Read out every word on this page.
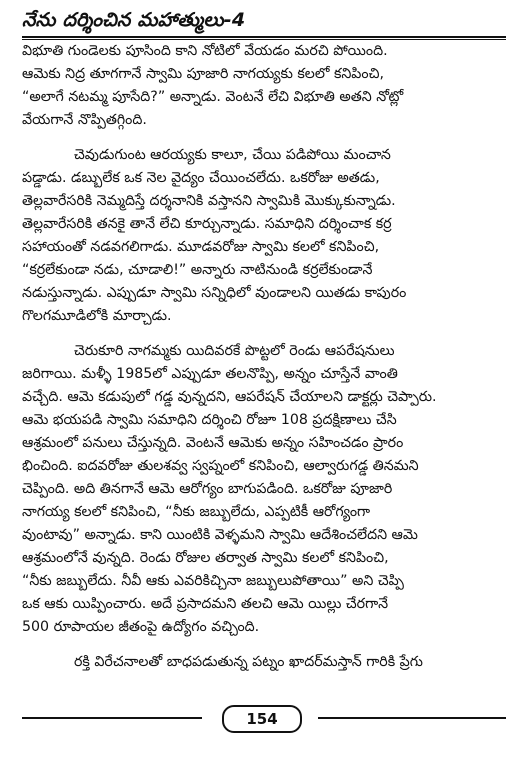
నేను దర్శించిన మహాత్ములు-4
విభూతి గుండెలకు పూసింది కాని నోటిలో వేయడం మరచి పోయింది.
ఆమెకు నిద్ర తూగగానే స్వామి పూజారి నాగయ్యకు కలలో కనిపించి,
“అలాగే నటమ్మ పూసేది?” అన్నాడు. వెంటనే లేచి విభూతి అతని నోట్లో
వేయగానే నొప్పితగ్గింది.
చెవుడుగుంట ఆరయ్యకు కాలూ, చేయి పడిపోయి మంచాన
పడ్డాడు. డబ్బులేక ఒక నెల వైద్యం చేయించలేదు. ఒకరోజు అతడు,
తెల్లవారేసరికి నెమ్మదిస్తే దర్శనానికి వస్తానని స్వామికి మొక్కుకున్నాడు.
తెల్లవారేసరికి తనకై తానే లేచి కూర్చున్నాడు. సమాధిని దర్శించాక కర్ర
సహాయంతో నడవగలిగాడు. మూడవరోజు స్వామి కలలో కనిపించి,
“కర్రలేకుండా నడు, చూడాలి!” అన్నారు నాటినుండి కర్రలేకుండానే
నడుస్తున్నాడు. ఎప్పుడూ స్వామి సన్నిధిలో వుండాలని యితడు కాపురం
గొలగమూడిలోకి మార్చాడు.
చెరుకూరి నాగమ్మకు యిదివరకే పొట్టలో రెండు ఆపరేషనులు
జరిగాయి. మళ్ళీ 1985లో ఎప్పుడూ తలనొప్పి, అన్నం చూస్తేనే వాంతి
వచ్చేది. ఆమె కడుపులో గడ్డ వున్నదని, ఆపరేషన్ చేయాలని డాక్టర్లు చెప్పారు.
ఆమె భయపడి స్వామి సమాధిని దర్శించి రోజూ 108 ప్రదక్షిణాలు చేసి
ఆశ్రమంలో పనులు చేస్తున్నది. వెంటనే ఆమెకు అన్నం సహించడం ప్రారం
భించింది. ఐదవరోజు తులశవ్వ స్వప్నంలో కనిపించి, ఆల్వారుగడ్డ తినమని
చెప్పింది. అది తినగానే ఆమె ఆరోగ్యం బాగుపడింది. ఒకరోజు పూజారి
నాగయ్య కలలో కనిపించి, “నీకు జబ్బులేదు, ఎప్పటికీ ఆరోగ్యంగా
వుంటావు” అన్నాడు. కాని యింటికి వెళ్ళమని స్వామి ఆదేశించలేదని ఆమె
ఆశ్రమంలోనే వున్నది. రెండు రోజుల తర్వాత స్వామి కలలో కనిపించి,
“నీకు జబ్బులేదు. నీవీ ఆకు ఎవరికిచ్చినా జబ్బులుపోతాయి” అని చెప్పి
ఒక ఆకు యిప్పించారు. అదే ప్రసాదమని తలచి ఆమె యిల్లు చేరగానే
500 రూపాయల జీతంపై ఉద్యోగం వచ్చింది.
రక్తి విరేచనాలతో బాధపడుతున్న పట్నం ఖాదర్‌మస్తాన్ గారికి ప్రేగు
154
